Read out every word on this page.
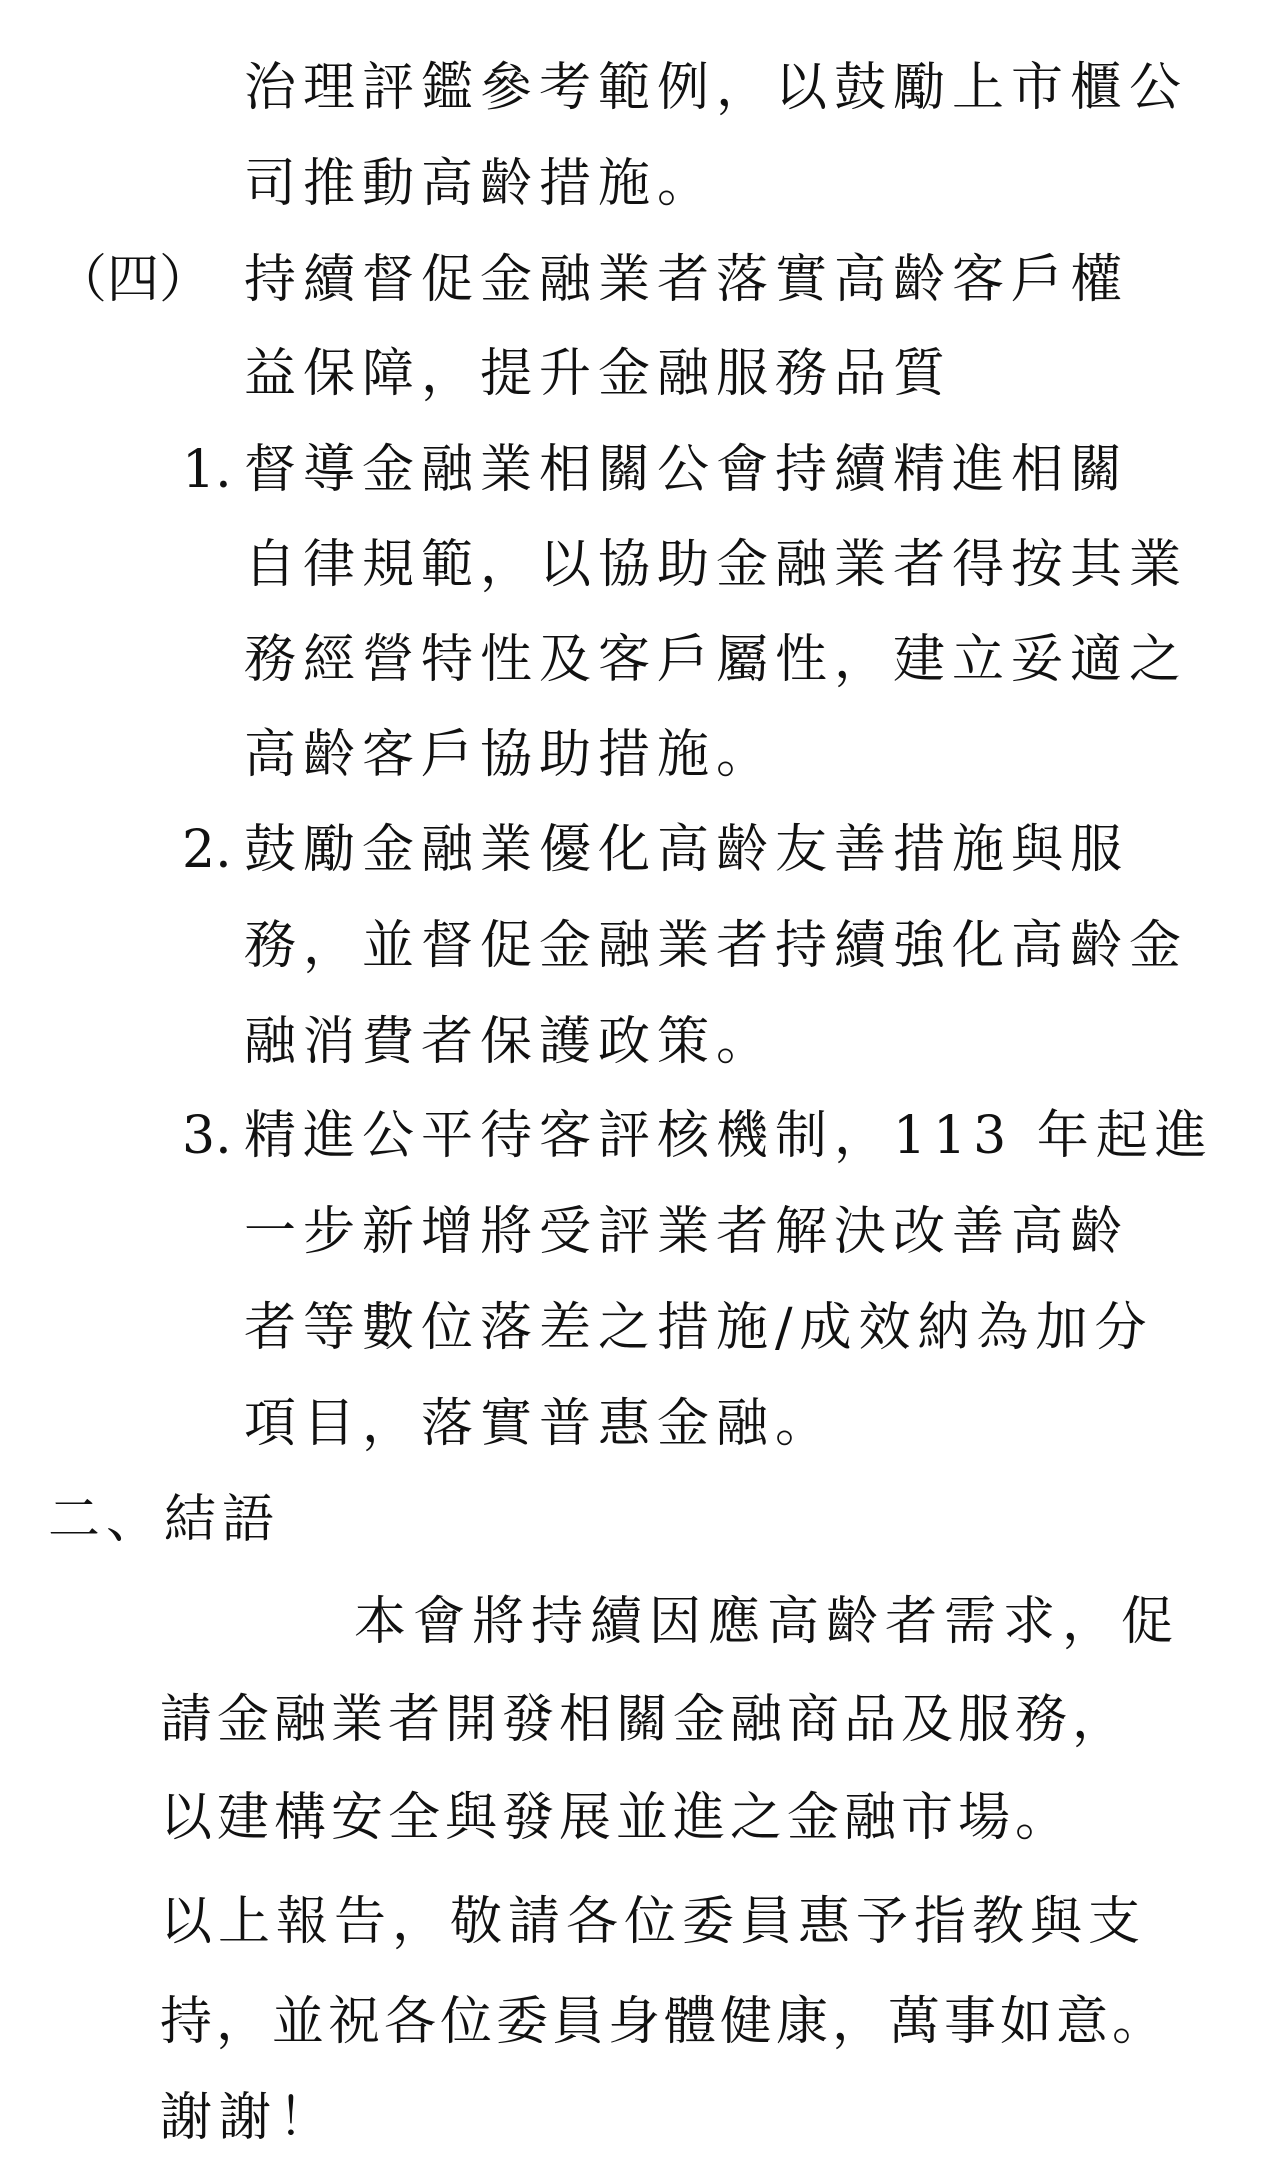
治理評鑑參考範例，以鼓勵上市櫃公
司推動高齡措施。
（四） 持續督促金融業者落實高齡客戶權
益保障，提升金融服務品質
1. 督導金融業相關公會持續精進相關
自律規範，以協助金融業者得按其業
務經營特性及客戶屬性，建立妥適之
高齡客戶協助措施。
2. 鼓勵金融業優化高齡友善措施與服
務，並督促金融業者持續強化高齡金
融消費者保護政策。
3. 精進公平待客評核機制，113 年起進
一步新增將受評業者解決改善高齡
者等數位落差之措施/成效納為加分
項目，落實普惠金融。
二、結語
本會將持續因應高齡者需求，促
請金融業者開發相關金融商品及服務，
以建構安全與發展並進之金融市場。
以上報告，敬請各位委員惠予指教與支
持，並祝各位委員身體健康，萬事如意。
謝謝！
